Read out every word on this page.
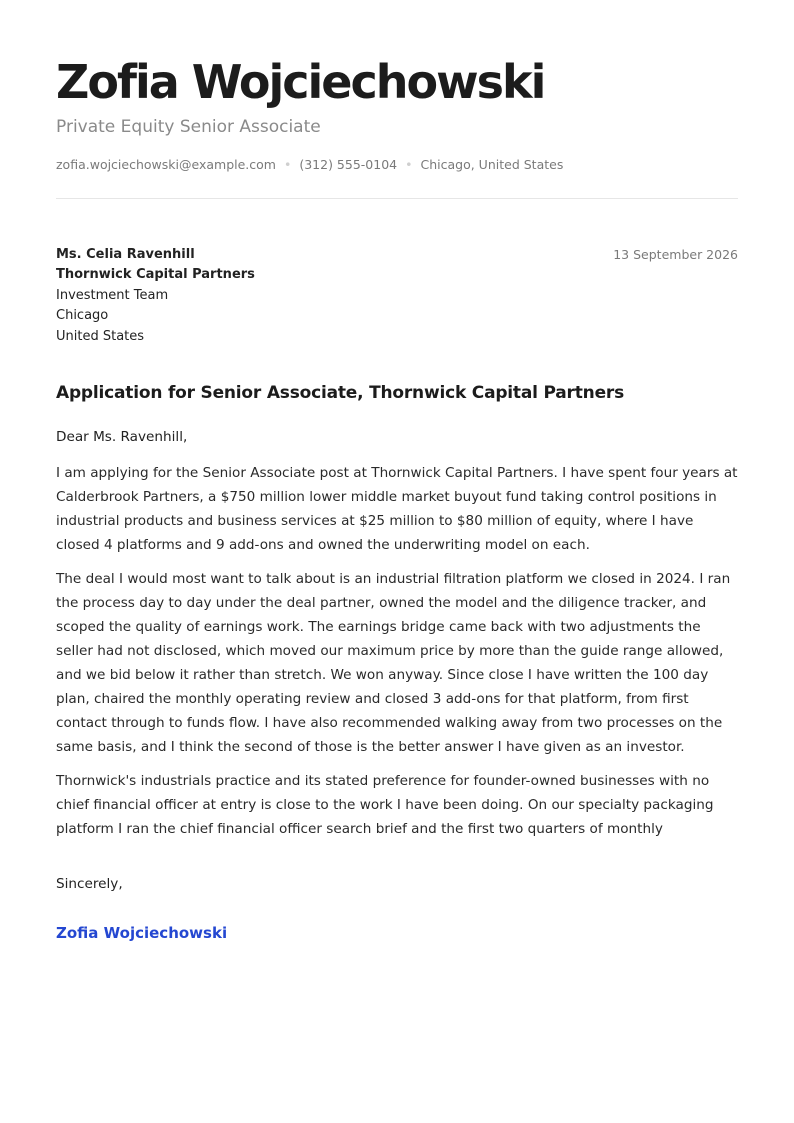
Zofia Wojciechowski
Private Equity Senior Associate
zofia.wojciechowski@example.com • (312) 555-0104 • Chicago, United States
Ms. Celia Ravenhill
Thornwick Capital Partners
Investment Team
Chicago
United States
13 September 2026
Application for Senior Associate, Thornwick Capital Partners
Dear Ms. Ravenhill,

I am applying for the Senior Associate post at Thornwick Capital Partners. I have spent four years at Calderbrook Partners, a $750 million lower middle market buyout fund taking control positions in industrial products and business services at $25 million to $80 million of equity, where I have closed 4 platforms and 9 add-ons and owned the underwriting model on each.

The deal I would most want to talk about is an industrial filtration platform we closed in 2024. I ran the process day to day under the deal partner, owned the model and the diligence tracker, and scoped the quality of earnings work. The earnings bridge came back with two adjustments the seller had not disclosed, which moved our maximum price by more than the guide range allowed, and we bid below it rather than stretch. We won anyway. Since close I have written the 100 day plan, chaired the monthly operating review and closed 3 add-ons for that platform, from first contact through to funds flow. I have also recommended walking away from two processes on the same basis, and I think the second of those is the better answer I have given as an investor.

Thornwick's industrials practice and its stated preference for founder-owned businesses with no chief financial officer at entry is close to the work I have been doing. On our specialty packaging platform I ran the chief financial officer search brief and the first two quarters of monthly

Sincerely,
Zofia Wojciechowski
